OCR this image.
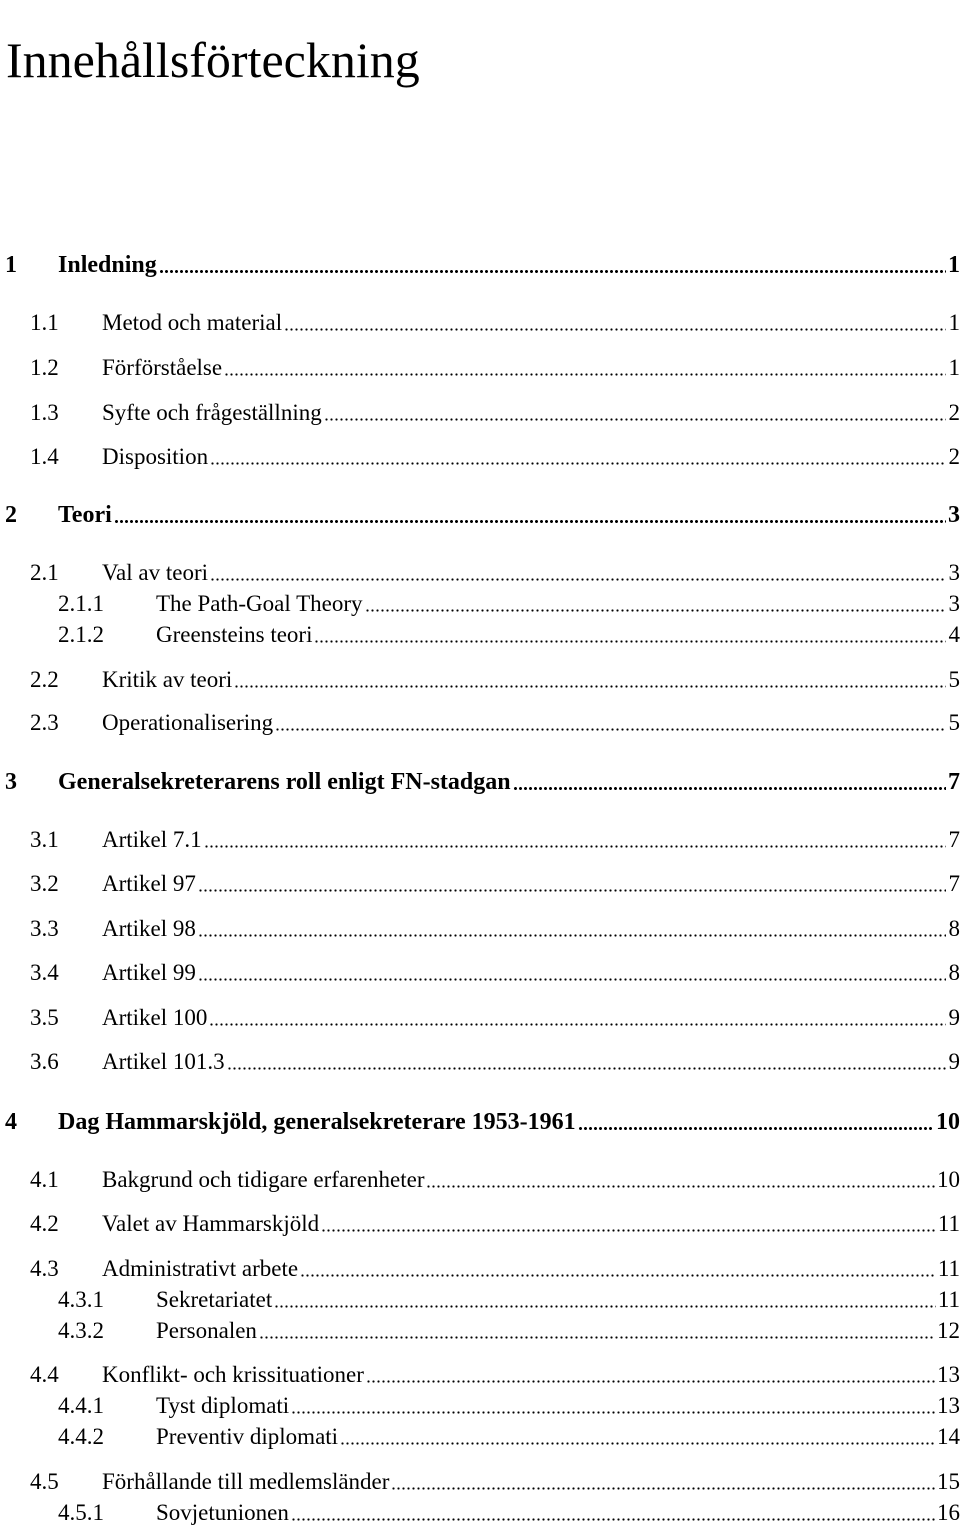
Innehållsförteckning
1 Inledning	1
1.1 Metod och material	1
1.2 Förförståelse	1
1.3 Syfte och frågeställning	2
1.4 Disposition	2
2 Teori	3
2.1 Val av teori	3
2.1.1 The Path-Goal Theory	3
2.1.2 Greensteins teori	4
2.2 Kritik av teori	5
2.3 Operationalisering	5
3 Generalsekreterarens roll enligt FN-stadgan	7
3.1 Artikel 7.1	7
3.2 Artikel 97	7
3.3 Artikel 98	8
3.4 Artikel 99	8
3.5 Artikel 100	9
3.6 Artikel 101.3	9
4 Dag Hammarskjöld, generalsekreterare 1953-1961	10
4.1 Bakgrund och tidigare erfarenheter	10
4.2 Valet av Hammarskjöld	11
4.3 Administrativt arbete	11
4.3.1 Sekretariatet	11
4.3.2 Personalen	12
4.4 Konflikt- och krissituationer	13
4.4.1 Tyst diplomati	13
4.4.2 Preventiv diplomati	14
4.5 Förhållande till medlemsländer	15
4.5.1 Sovjetunionen	16
